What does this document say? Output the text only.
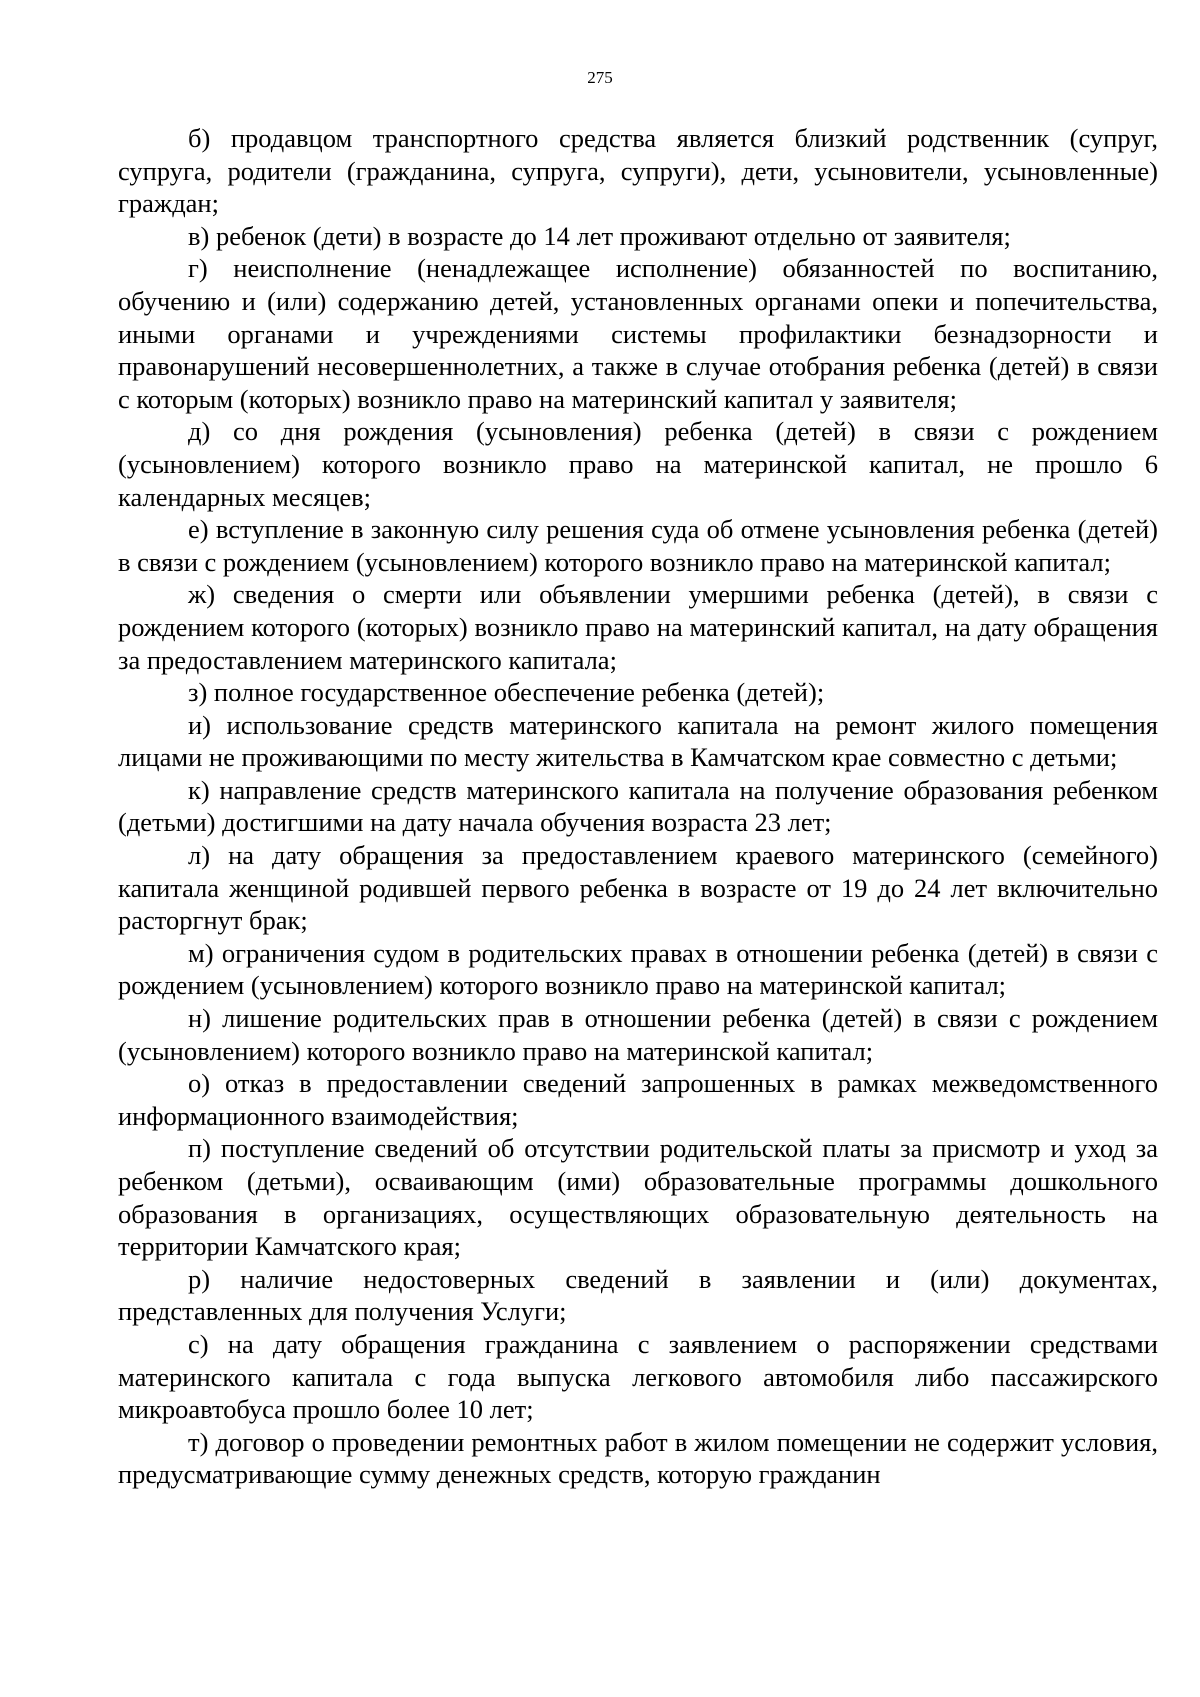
275

б) продавцом транспортного средства является близкий родственник (супруг, супруга, родители (гражданина, супруга, супруги), дети, усыновители, усыновленные) граждан;

в) ребенок (дети) в возрасте до 14 лет проживают отдельно от заявителя;

г) неисполнение (ненадлежащее исполнение) обязанностей по воспитанию, обучению и (или) содержанию детей, установленных органами опеки и попечительства, иными органами и учреждениями системы профилактики безнадзорности и правонарушений несовершеннолетних, а также в случае отобрания ребенка (детей) в связи с которым (которых) возникло право на материнский капитал у заявителя;

д) со дня рождения (усыновления) ребенка (детей) в связи с рождением (усыновлением) которого возникло право на материнской капитал, не прошло 6 календарных месяцев;

е) вступление в законную силу решения суда об отмене усыновления ребенка (детей) в связи с рождением (усыновлением) которого возникло право на материнской капитал;

ж) сведения о смерти или объявлении умершими ребенка (детей), в связи с рождением которого (которых) возникло право на материнский капитал, на дату обращения за предоставлением материнского капитала;

з) полное государственное обеспечение ребенка (детей);

и) использование средств материнского капитала на ремонт жилого помещения лицами не проживающими по месту жительства в Камчатском крае совместно с детьми;

к) направление средств материнского капитала на получение образования ребенком (детьми) достигшими на дату начала обучения возраста 23 лет;

л) на дату обращения за предоставлением краевого материнского (семейного) капитала женщиной родившей первого ребенка в возрасте от 19 до 24 лет включительно расторгнут брак;

м) ограничения судом в родительских правах в отношении ребенка (детей) в связи с рождением (усыновлением) которого возникло право на материнской капитал;

н) лишение родительских прав в отношении ребенка (детей) в связи с рождением (усыновлением) которого возникло право на материнской капитал;

о) отказ в предоставлении сведений запрошенных в рамках межведомственного информационного взаимодействия;

п) поступление сведений об отсутствии родительской платы за присмотр и уход за ребенком (детьми), осваивающим (ими) образовательные программы дошкольного образования в организациях, осуществляющих образовательную деятельность на территории Камчатского края;

р) наличие недостоверных сведений в заявлении и (или) документах, представленных для получения Услуги;

с) на дату обращения гражданина с заявлением о распоряжении средствами материнского капитала с года выпуска легкового автомобиля либо пассажирского микроавтобуса прошло более 10 лет;

т) договор о проведении ремонтных работ в жилом помещении не содержит условия, предусматривающие сумму денежных средств, которую гражданин
